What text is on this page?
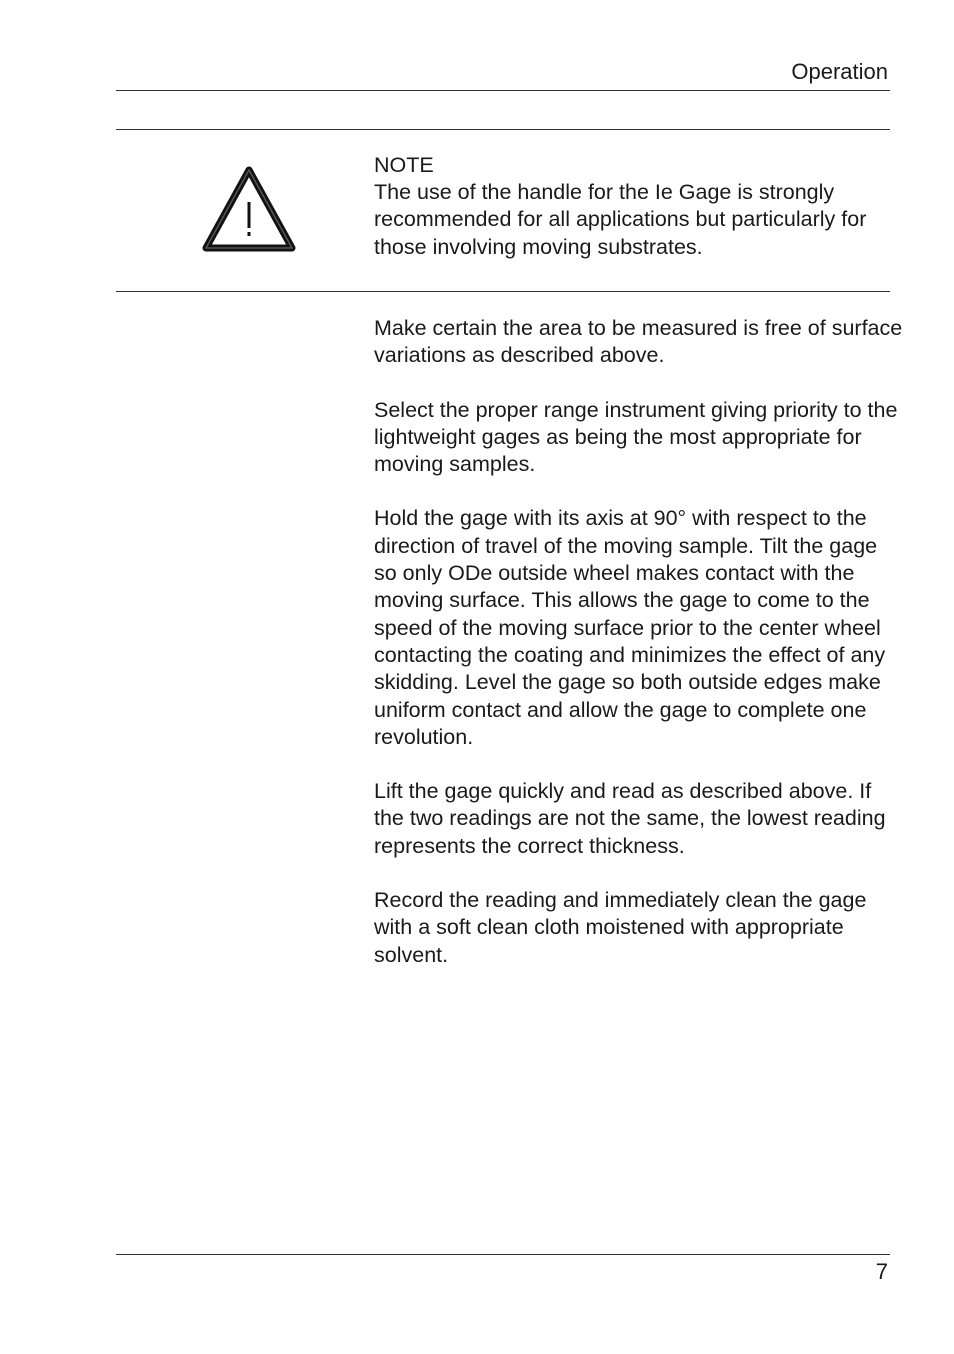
Operation

NOTE

The use of the handle for the Ie Gage is strongly recommended for all applications but particularly for those involving moving substrates.

Make certain the area to be measured is free of surface variations as described above.

Select the proper range instrument giving priority to the lightweight gages as being the most appropriate for moving samples.

Hold the gage with its axis at 90° with respect to the direction of travel of the moving sample. Tilt the gage so only ODe outside wheel makes contact with the moving surface. This allows the gage to come to the speed of the moving surface prior to the center wheel contacting the coating and minimizes the effect of any skidding. Level the gage so both outside edges make uniform contact and allow the gage to complete one revolution.

Lift the gage quickly and read as described above. If the two readings are not the same, the lowest reading represents the correct thickness.

Record the reading and immediately clean the gage with a soft clean cloth moistened with appropriate solvent.

7
